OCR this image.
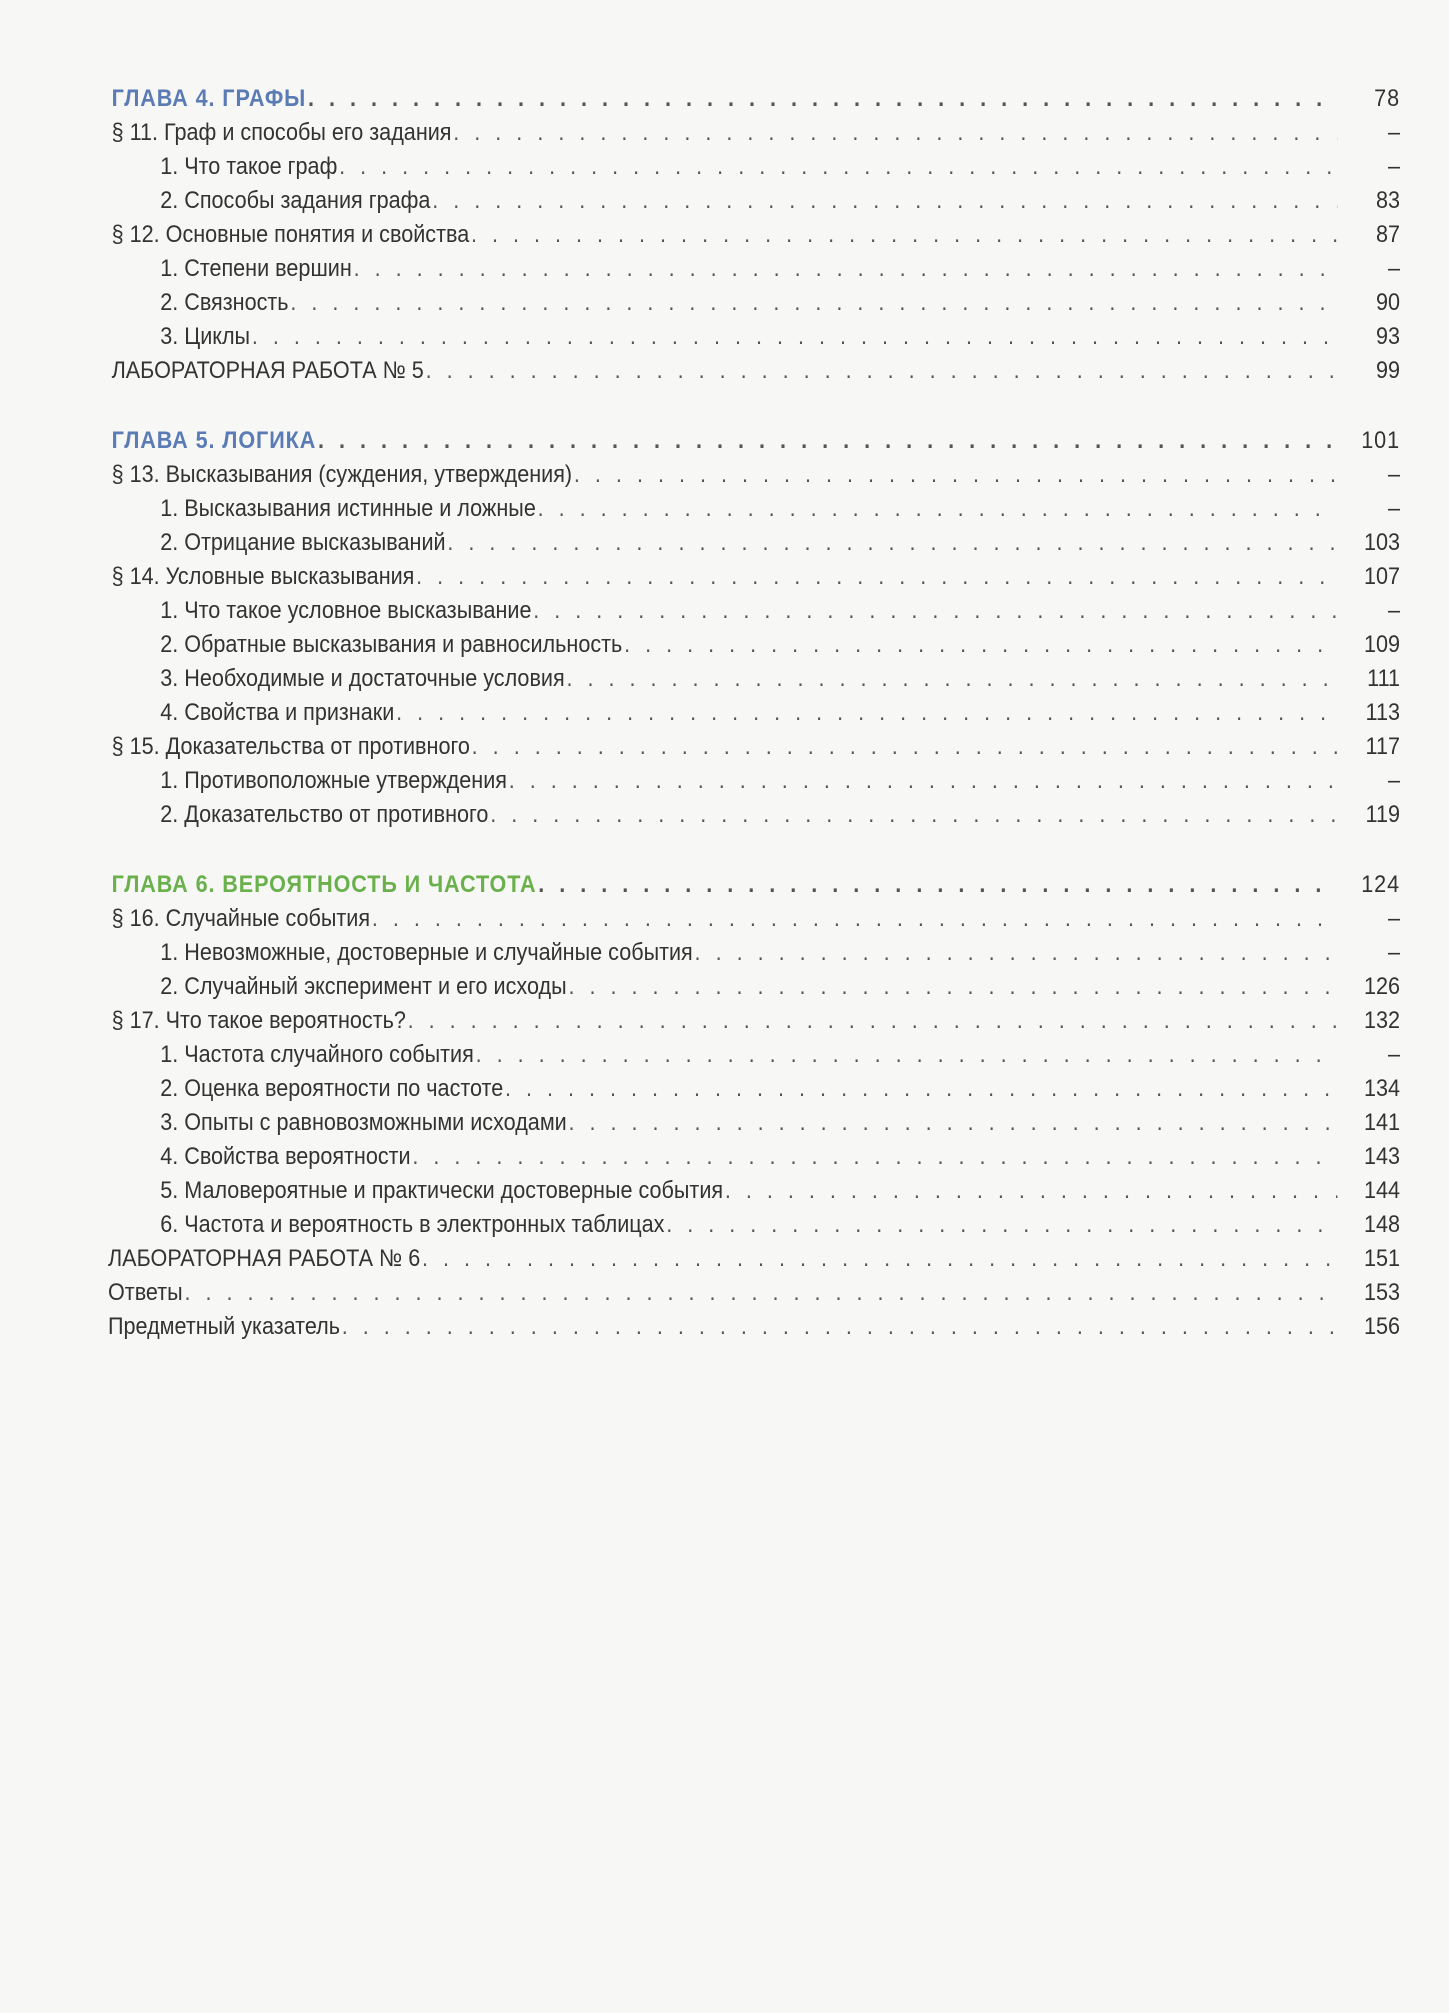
ГЛАВА 4. ГРАФЫ . . .	78
§ 11. Граф и способы его задания . . .	–
1. Что такое граф . . .	–
2. Способы задания графа . . .	83
§ 12. Основные понятия и свойства . . .	87
1. Степени вершин . . .	–
2. Связность . . .	90
3. Циклы . . .	93
ЛАБОРАТОРНАЯ РАБОТА № 5 . . .	99
ГЛАВА 5. ЛОГИКА . . .	101
§ 13. Высказывания (суждения, утверждения) . . .	–
1. Высказывания истинные и ложные . . .	–
2. Отрицание высказываний . . .	103
§ 14. Условные высказывания . . .	107
1. Что такое условное высказывание . . .	–
2. Обратные высказывания и равносильность . . .	109
3. Необходимые и достаточные условия . . .	111
4. Свойства и признаки . . .	113
§ 15. Доказательства от противного . . .	117
1. Противоположные утверждения . . .	–
2. Доказательство от противного . . .	119
ГЛАВА 6. ВЕРОЯТНОСТЬ И ЧАСТОТА . . .	124
§ 16. Случайные события . . .	–
1. Невозможные, достоверные и случайные события . . .	–
2. Случайный эксперимент и его исходы . . .	126
§ 17. Что такое вероятность? . . .	132
1. Частота случайного события . . .	–
2. Оценка вероятности по частоте . . .	134
3. Опыты с равновозможными исходами . . .	141
4. Свойства вероятности . . .	143
5. Маловероятные и практически достоверные события . . .	144
6. Частота и вероятность в электронных таблицах . . .	148
ЛАБОРАТОРНАЯ РАБОТА № 6 . . .	151
Ответы . . .	153
Предметный указатель . . .	156
